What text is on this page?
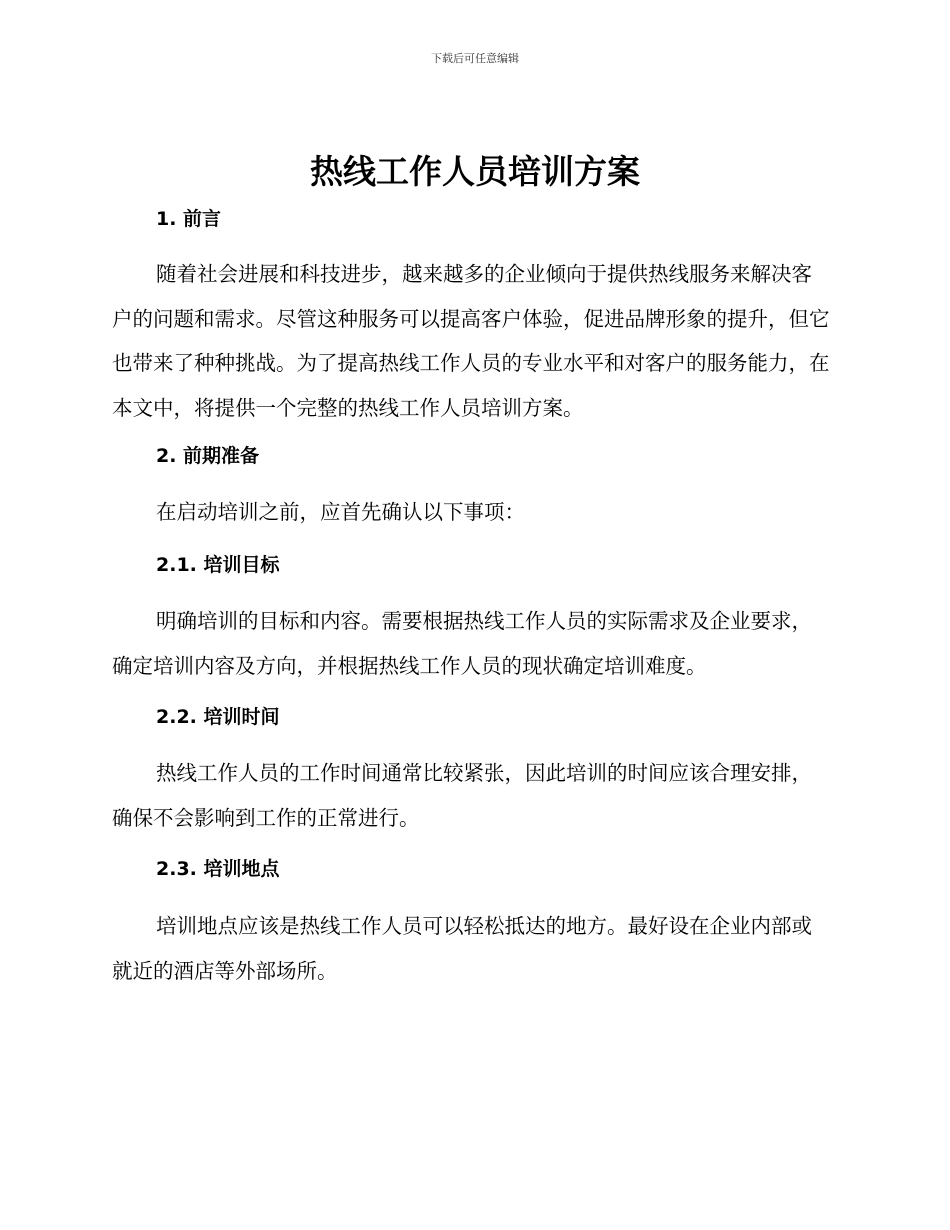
下载后可任意编辑
热线工作人员培训方案
1. 前言

随着社会进展和科技进步，越来越多的企业倾向于提供热线服务来解决客户的问题和需求。尽管这种服务可以提高客户体验，促进品牌形象的提升，但它也带来了种种挑战。为了提高热线工作人员的专业水平和对客户的服务能力，在本文中，将提供一个完整的热线工作人员培训方案。

2. 前期准备

在启动培训之前，应首先确认以下事项：

2.1. 培训目标

明确培训的目标和内容。需要根据热线工作人员的实际需求及企业要求，确定培训内容及方向，并根据热线工作人员的现状确定培训难度。

2.2. 培训时间

热线工作人员的工作时间通常比较紧张，因此培训的时间应该合理安排，确保不会影响到工作的正常进行。

2.3. 培训地点

培训地点应该是热线工作人员可以轻松抵达的地方。最好设在企业内部或就近的酒店等外部场所。
